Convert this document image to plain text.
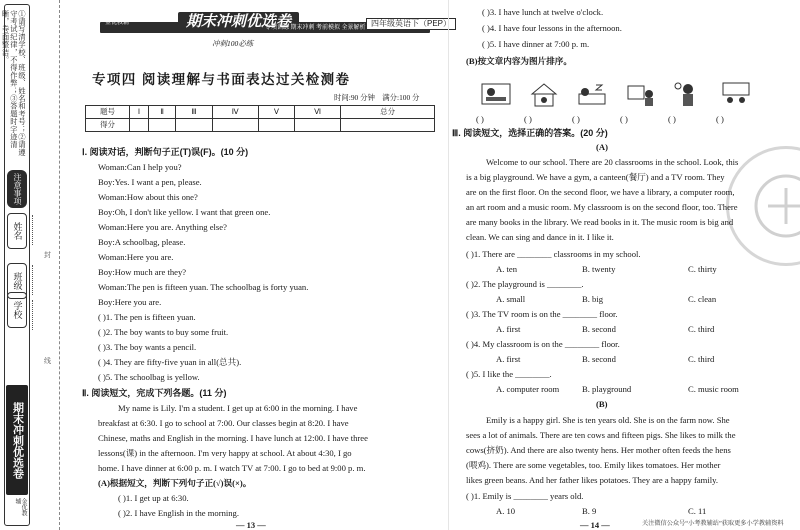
①请写清学校、班级、姓名和考号；②请遵守考试纪律，不得作弊；③答题时字迹清晰，卷面整洁。
注意事项
姓名
班级
学校
期末冲刺优选卷
金优教辅
封
线
金优教辅	期末冲刺优选卷
专项训练 期末冲刺 考前模拟 全景解析 四年级英语下（PEP）
冲刺100必练
专项四 阅读理解与书面表达过关检测卷
时间:90 分钟 满分:100 分
题号	Ⅰ	Ⅱ	Ⅲ	Ⅳ	Ⅴ	Ⅵ	总分
得分							
Ⅰ. 阅读对话，判断句子正(T)误(F)。(10 分)
Woman:Can I help you?
Boy:Yes. I want a pen, please.
Woman:How about this one?
Boy:Oh, I don't like yellow. I want that green one.
Woman:Here you are. Anything else?
Boy:A schoolbag, please.
Woman:Here you are.
Boy:How much are they?
Woman:The pen is fifteen yuan. The schoolbag is forty yuan.
Boy:Here you are.
( )1. The pen is fifteen yuan.
( )2. The boy wants to buy some fruit.
( )3. The boy wants a pencil.
( )4. They are fifty-five yuan in all(总共).
( )5. The schoolbag is yellow.
Ⅱ. 阅读短文，完成下列各题。(11 分)
My name is Lily. I'm a student. I get up at 6:00 in the morning. I have
breakfast at 6:30. I go to school at 7:00. Our classes begin at 8:20. I have
Chinese, maths and English in the morning. I have lunch at 12:00. I have three
lessons(课) in the afternoon. I'm very happy at school. At about 4:30, I go
home. I have dinner at 6:00 p. m. I watch TV at 7:00. I go to bed at 9:00 p. m.
(A)根据短文，判断下列句子正(√)误(×)。
( )1. I get up at 6:30.
( )2. I have English in the morning.
— 13 —
( )3. I have lunch at twelve o'clock.
( )4. I have four lessons in the afternoon.
( )5. I have dinner at 7:00 p. m.
(B)按文章内容为图片排序。
( )	( )	( )	( )	( )	( )
Ⅲ. 阅读短文，选择正确的答案。(20 分)
(A)
Welcome to our school. There are 20 classrooms in the school. Look, this
is a big playground. We have a gym, a canteen(餐厅) and a TV room. They
are on the first floor. On the second floor, we have a library, a computer room,
an art room and a music room. My classroom is on the second floor, too. There
are many books in the library. We read books in it. The music room is big and
clean. We can sing and dance in it. I like it.
( )1. There are ________ classrooms in my school.
A. ten	B. twenty	C. thirty
( )2. The playground is ________.
A. small	B. big	C. clean
( )3. The TV room is on the ________ floor.
A. first	B. second	C. third
( )4. My classroom is on the ________ floor.
A. first	B. second	C. third
( )5. I like the ________.
A. computer room	B. playground	C. music room
(B)
Emily is a happy girl. She is ten years old. She is on the farm now. She
sees a lot of animals. There are ten cows and fifteen pigs. She likes to milk the
cows(挤奶). And there are also twenty hens. Her mother often feeds the hens
(喂鸡). There are some vegetables, too. Emily likes tomatoes. Her mother
likes green beans. And her father likes potatoes. They are a happy family.
( )1. Emily is ________ years old.
A. 10	B. 9	C. 11
— 14 —	关注微信公众号“小考教辅站”获取更多小学教辅资料
